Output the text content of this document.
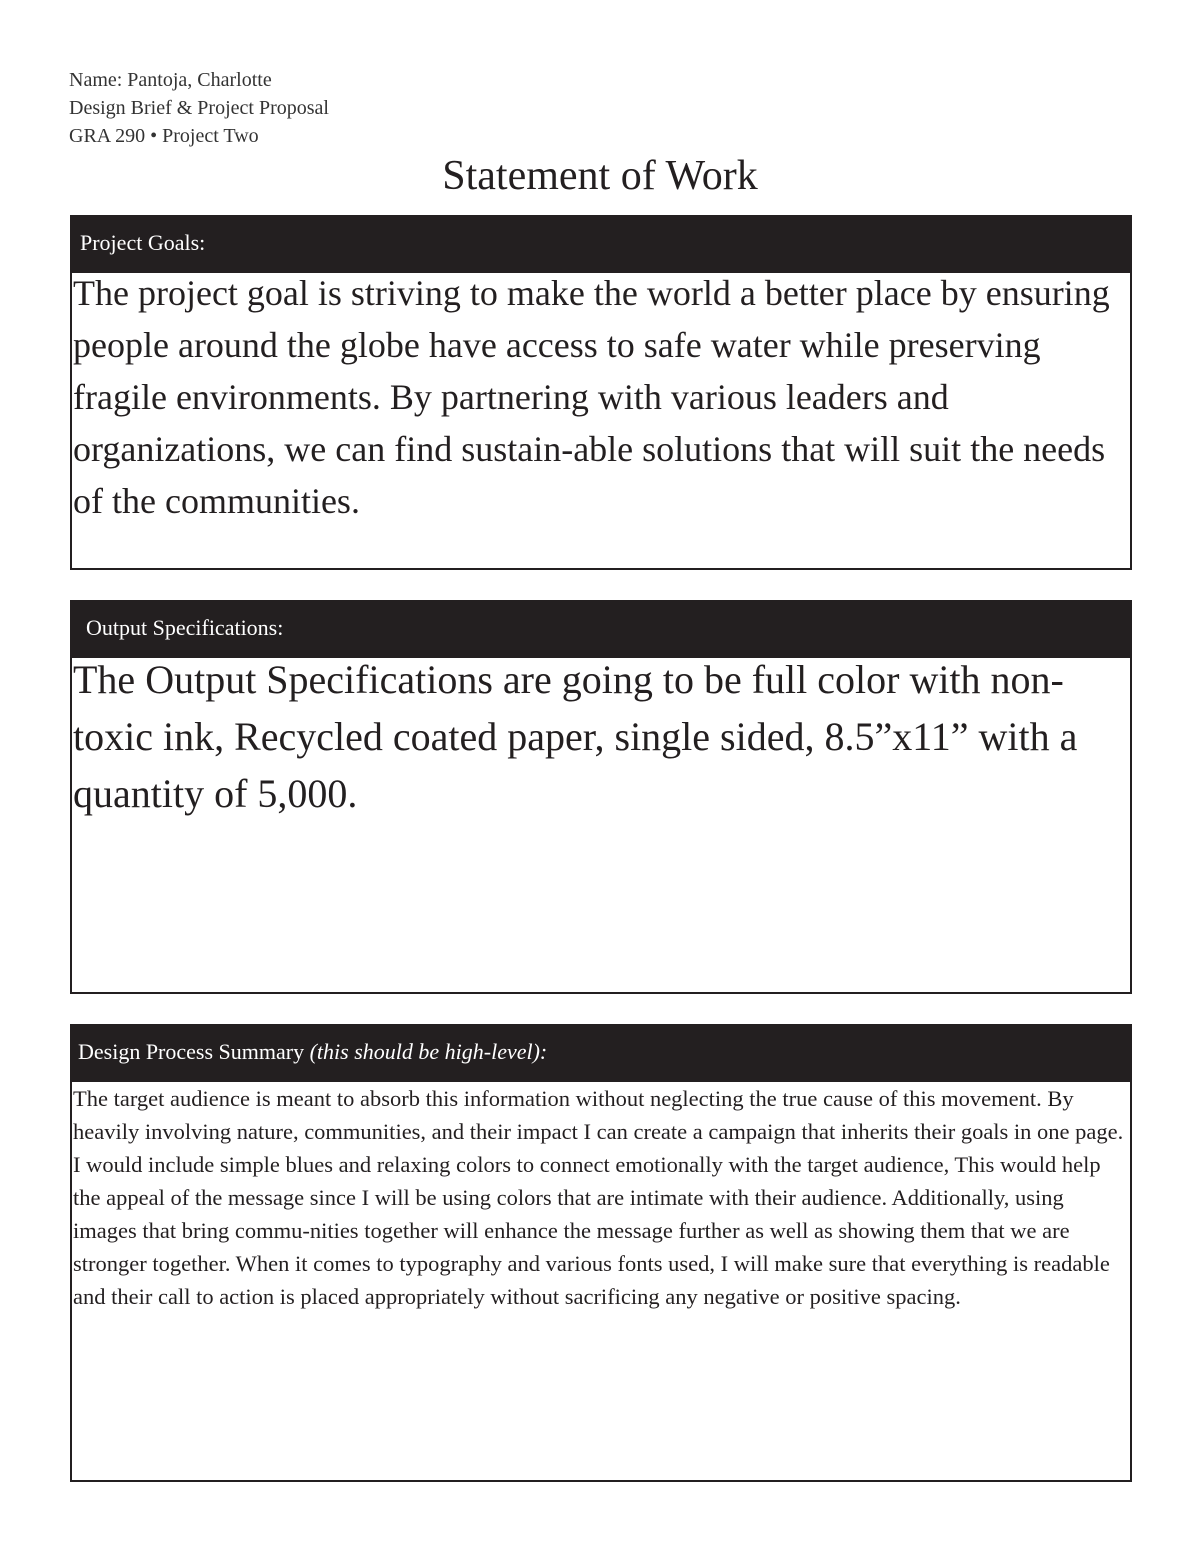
Name: Pantoja, Charlotte
Design Brief & Project Proposal
GRA 290 • Project Two
Statement of Work
Project Goals:

The project goal is striving to make the world a better place by ensuring people around the globe have access to safe water while preserving fragile environments. By partnering with various leaders and organizations, we can find sustain-able solutions that will suit the needs of the communities.

Output Specifications:

The Output Specifications are going to be full color with non-toxic ink, Recycled coated paper, single sided, 8.5”x11” with a quantity of 5,000.

Design Process Summary (this should be high-level):

The target audience is meant to absorb this information without neglecting the true cause of this movement. By heavily involving nature, communities, and their impact I can create a campaign that inherits their goals in one page. I would include simple blues and relaxing colors to connect emotionally with the target audience, This would help the appeal of the message since I will be using colors that are intimate with their audience. Additionally, using images that bring commu-nities together will enhance the message further as well as showing them that we are stronger together. When it comes to typography and various fonts used, I will make sure that everything is readable and their call to action is placed appropriately without sacrificing any negative or positive spacing.
